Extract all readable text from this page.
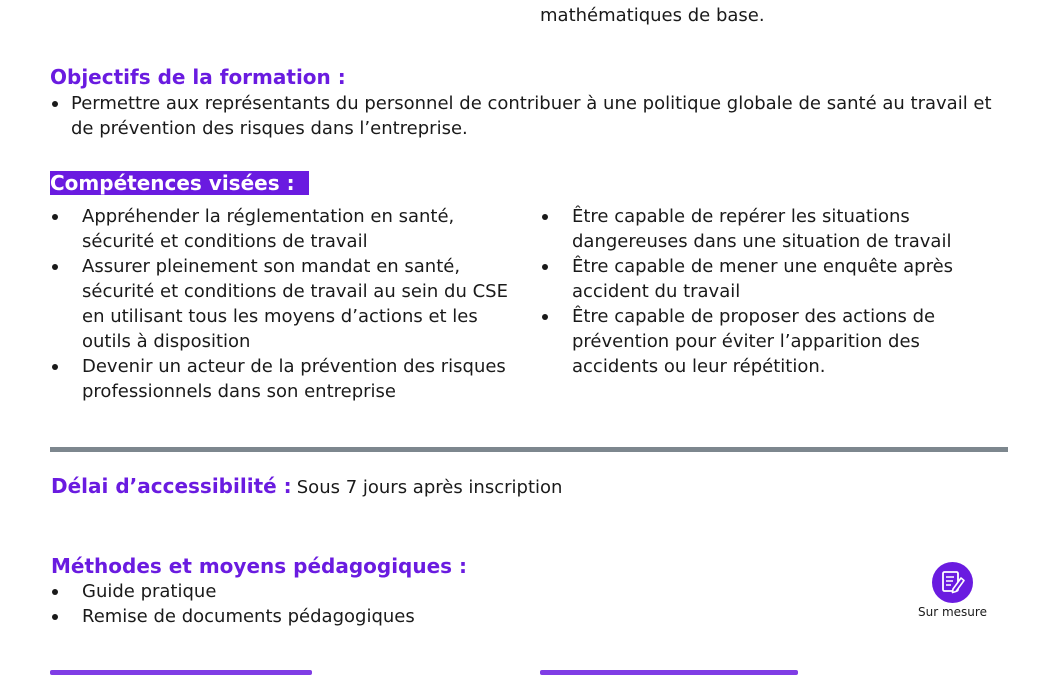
mathématiques de base.
Objectifs de la formation :
Permettre aux représentants du personnel de contribuer à une politique globale de santé au travail et de prévention des risques dans l’entreprise.
Compétences visées :
Appréhender la réglementation en santé, sécurité et conditions de travail
Assurer pleinement son mandat en santé, sécurité et conditions de travail au sein du CSE en utilisant tous les moyens d’actions et les outils à disposition
Devenir un acteur de la prévention des risques professionnels dans son entreprise
Être capable de repérer les situations dangereuses dans une situation de travail
Être capable de mener une enquête après accident du travail
Être capable de proposer des actions de prévention pour éviter l’apparition des accidents ou leur répétition.
Délai d’accessibilité : Sous 7 jours après inscription
Méthodes et moyens pédagogiques :
Guide pratique
Remise de documents pédagogiques	Sur mesure
